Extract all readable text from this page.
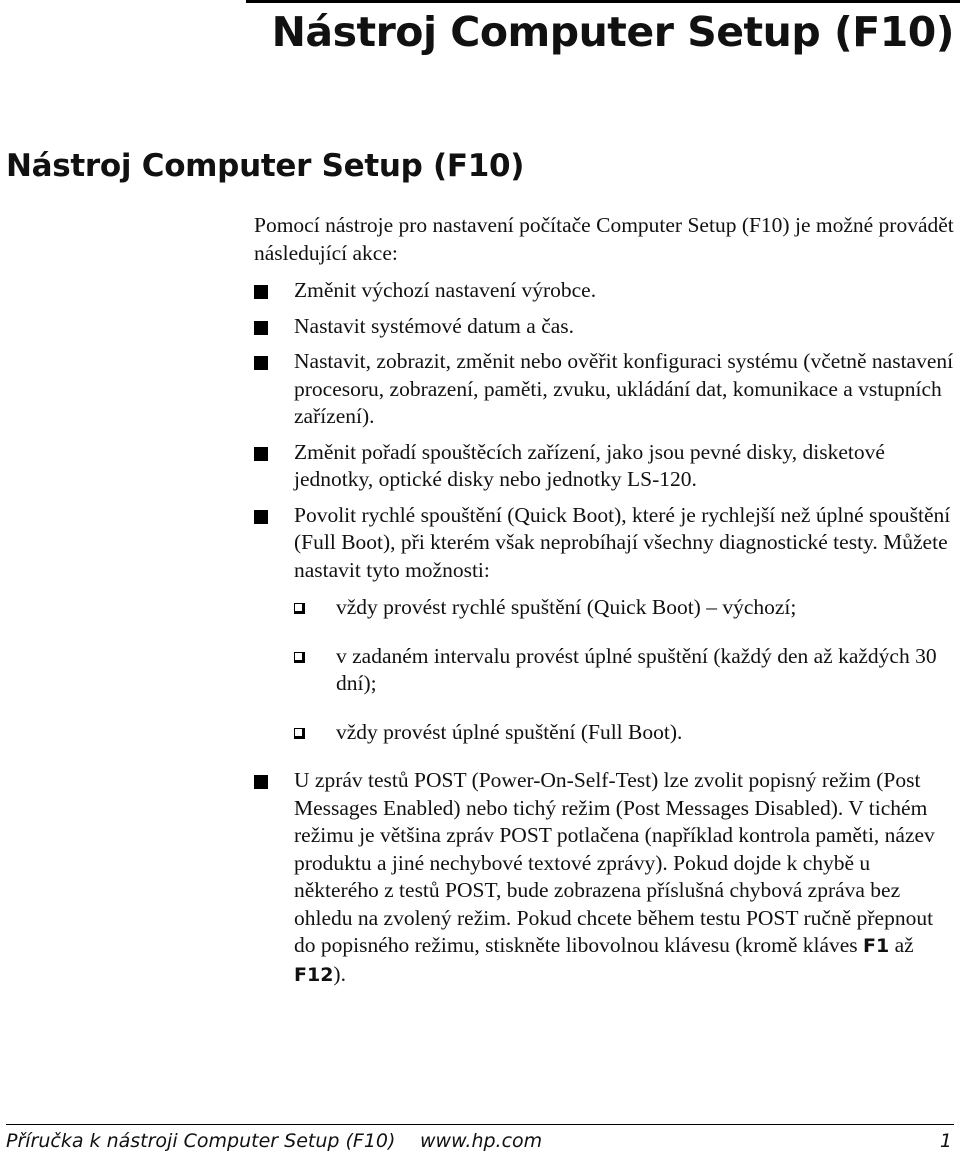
Nástroj Computer Setup (F10)
Nástroj Computer Setup (F10)

Pomocí nástroje pro nastavení počítače Computer Setup (F10) je možné provádět následující akce:

Změnit výchozí nastavení výrobce.
Nastavit systémové datum a čas.
Nastavit, zobrazit, změnit nebo ověřit konfiguraci systému (včetně nastavení procesoru, zobrazení, paměti, zvuku, ukládání dat, komunikace a vstupních zařízení).
Změnit pořadí spouštěcích zařízení, jako jsou pevné disky, disketové jednotky, optické disky nebo jednotky LS-120.
Povolit rychlé spouštění (Quick Boot), které je rychlejší než úplné spouštění (Full Boot), při kterém však neprobíhají všechny diagnostické testy. Můžete nastavit tyto možnosti:
vždy provést rychlé spuštění (Quick Boot) – výchozí;
v zadaném intervalu provést úplné spuštění (každý den až každých 30 dní);
vždy provést úplné spuštění (Full Boot).
U zpráv testů POST (Power-On-Self-Test) lze zvolit popisný režim (Post Messages Enabled) nebo tichý režim (Post Messages Disabled). V tichém režimu je většina zpráv POST potlačena (například kontrola paměti, název produktu a jiné nechybové textové zprávy). Pokud dojde k chybě u některého z testů POST, bude zobrazena příslušná chybová zpráva bez ohledu na zvolený režim. Pokud chcete během testu POST ručně přepnout do popisného režimu, stiskněte libovolnou klávesu (kromě kláves F1 až F12).
Příručka k nástroji Computer Setup (F10) www.hp.com	1
